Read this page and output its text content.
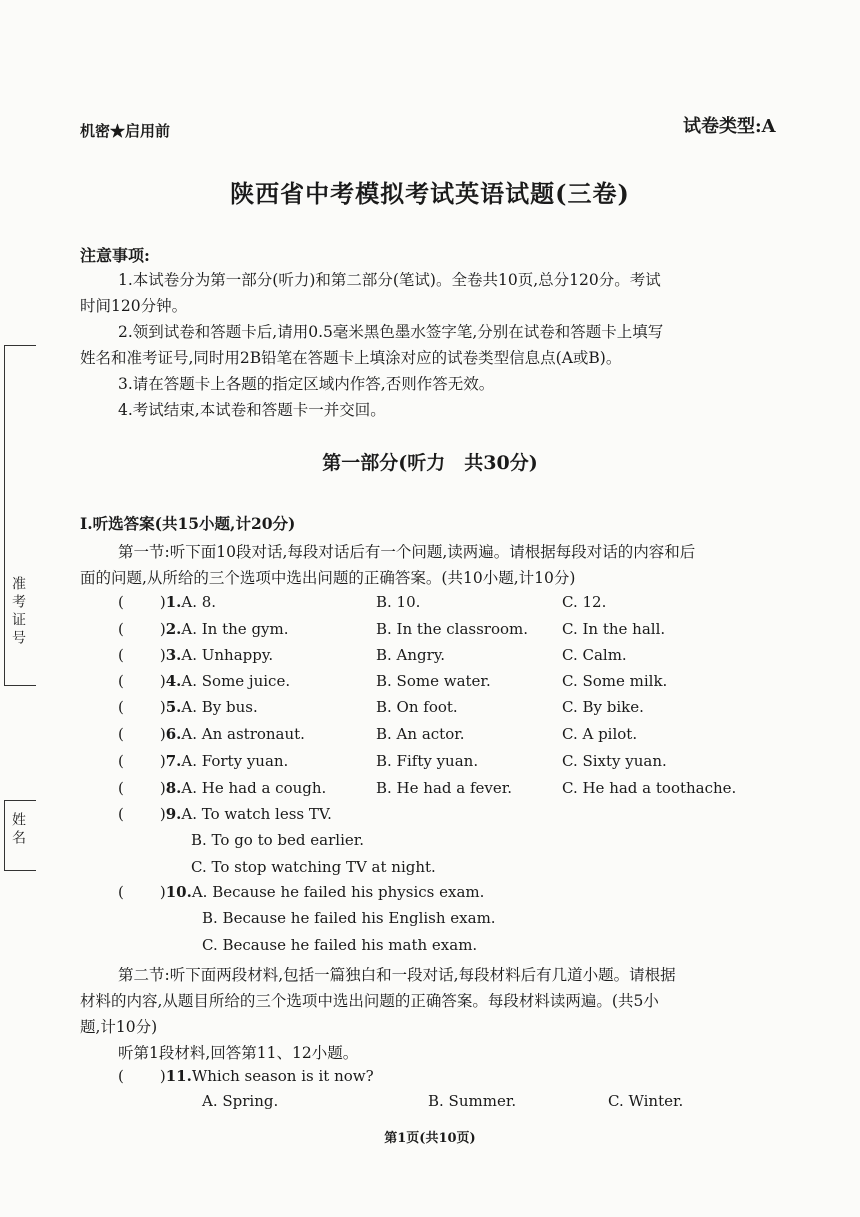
准考证号
姓名
机密★启用前	试卷类型:A
陕西省中考模拟考试英语试题(三卷)
注意事项:
1.本试卷分为第一部分(听力)和第二部分(笔试)。全卷共10页,总分120分。考试
时间120分钟。
2.领到试卷和答题卡后,请用0.5毫米黑色墨水签字笔,分别在试卷和答题卡上填写
姓名和准考证号,同时用2B铅笔在答题卡上填涂对应的试卷类型信息点(A或B)。
3.请在答题卡上各题的指定区域内作答,否则作答无效。
4.考试结束,本试卷和答题卡一并交回。
第一部分(听力　共30分)
Ⅰ.听选答案(共15小题,计20分)
第一节:听下面10段对话,每段对话后有一个问题,读两遍。请根据每段对话的内容和后
面的问题,从所给的三个选项中选出问题的正确答案。(共10小题,计10分)
( )1.A. 8.	B. 10.	C. 12.
( )2.A. In the gym.	B. In the classroom. C. In the hall.
( )3.A. Unhappy.	B. Angry.	C. Calm.
( )4.A. Some juice.	B. Some water.	C. Some milk.
( )5.A. By bus.	B. On foot.	C. By bike.
( )6.A. An astronaut.	B. An actor.	C. A pilot.
( )7.A. Forty yuan.	B. Fifty yuan.	C. Sixty yuan.
( )8.A. He had a cough.	B. He had a fever.	C. He had a toothache.
( )9.A. To watch less TV.
B. To go to bed earlier.
C. To stop watching TV at night.
( )10.A. Because he failed his physics exam.
B. Because he failed his English exam.
C. Because he failed his math exam.
第二节:听下面两段材料,包括一篇独白和一段对话,每段材料后有几道小题。请根据
材料的内容,从题目所给的三个选项中选出问题的正确答案。每段材料读两遍。(共5小
题,计10分)
听第1段材料,回答第11、12小题。
( )11.Which season is it now?
A. Spring.	B. Summer.	C. Winter.
第1页(共10页)
